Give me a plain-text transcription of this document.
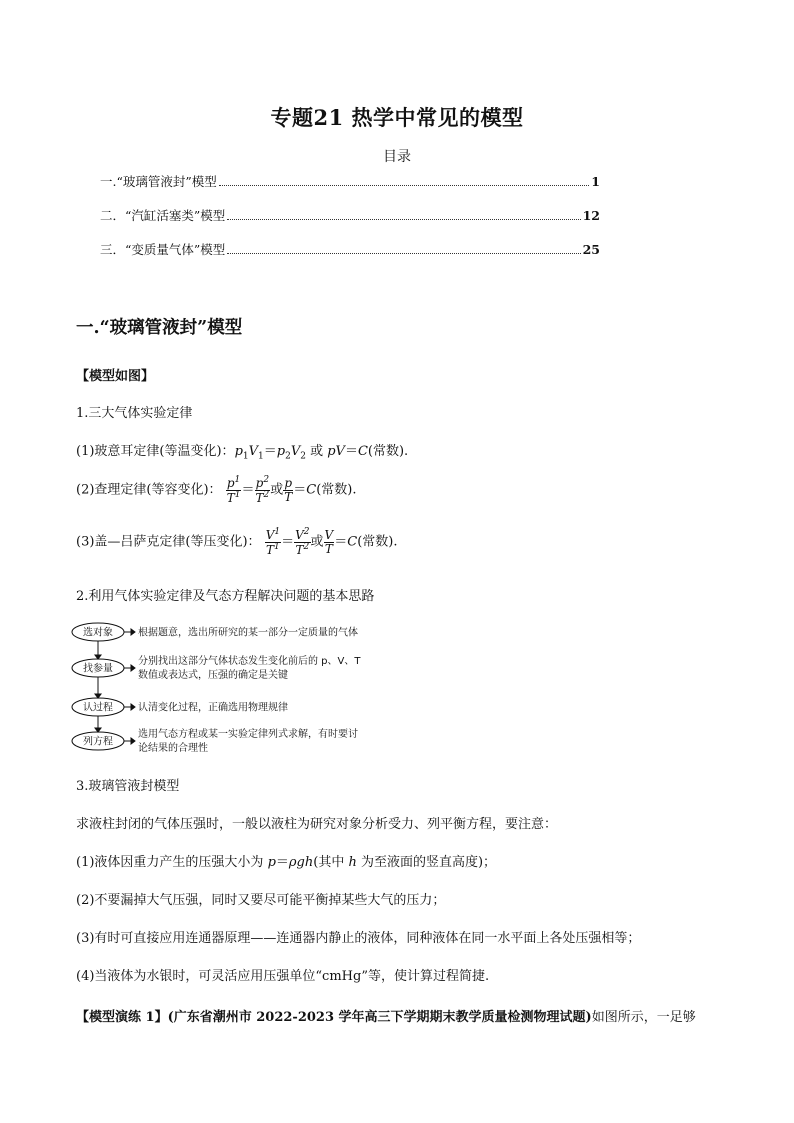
专题21 热学中常见的模型
目录
一.“玻璃管液封”模型	1
二．“汽缸活塞类”模型	12
三．“变质量气体”模型	25
一.“玻璃管液封”模型
【模型如图】
1.三大气体实验定律
(1)玻意耳定律(等温变化)：$p_1V_1=p_2V_2$ 或 pV＝C(常数).
(2)查理定律(等容变化)： $\frac{p^1}{T^1} = \frac{p^2}{T^2}$ 或 $\frac{p}{T} =C$(常数).
(3)盖—吕萨克定律(等压变化)： $\frac{V^1}{T^1} = \frac{V^2}{T^2}$ 或 $\frac{V}{T} =C$(常数).
2.利用气体实验定律及气态方程解决问题的基本思路
选对象
找参量
认过程
列方程
根据题意，选出所研究的某一部分一定质量的气体
分别找出这部分气体状态发生变化前后的 p、V、T
数值或表达式，压强的确定是关键
认清变化过程，正确选用物理规律
选用气态方程或某一实验定律列式求解，有时要讨
论结果的合理性
3.玻璃管液封模型
求液柱封闭的气体压强时，一般以液柱为研究对象分析受力、列平衡方程，要注意：
(1)液体因重力产生的压强大小为 p＝ρgh(其中 h 为至液面的竖直高度)；
(2)不要漏掉大气压强，同时又要尽可能平衡掉某些大气的压力；
(3)有时可直接应用连通器原理——连通器内静止的液体，同种液体在同一水平面上各处压强相等；
(4)当液体为水银时，可灵活应用压强单位“cmHg”等，使计算过程简捷.
【模型演练 1】(广东省潮州市 2022-2023 学年高三下学期期末教学质量检测物理试题)如图所示，一足够
